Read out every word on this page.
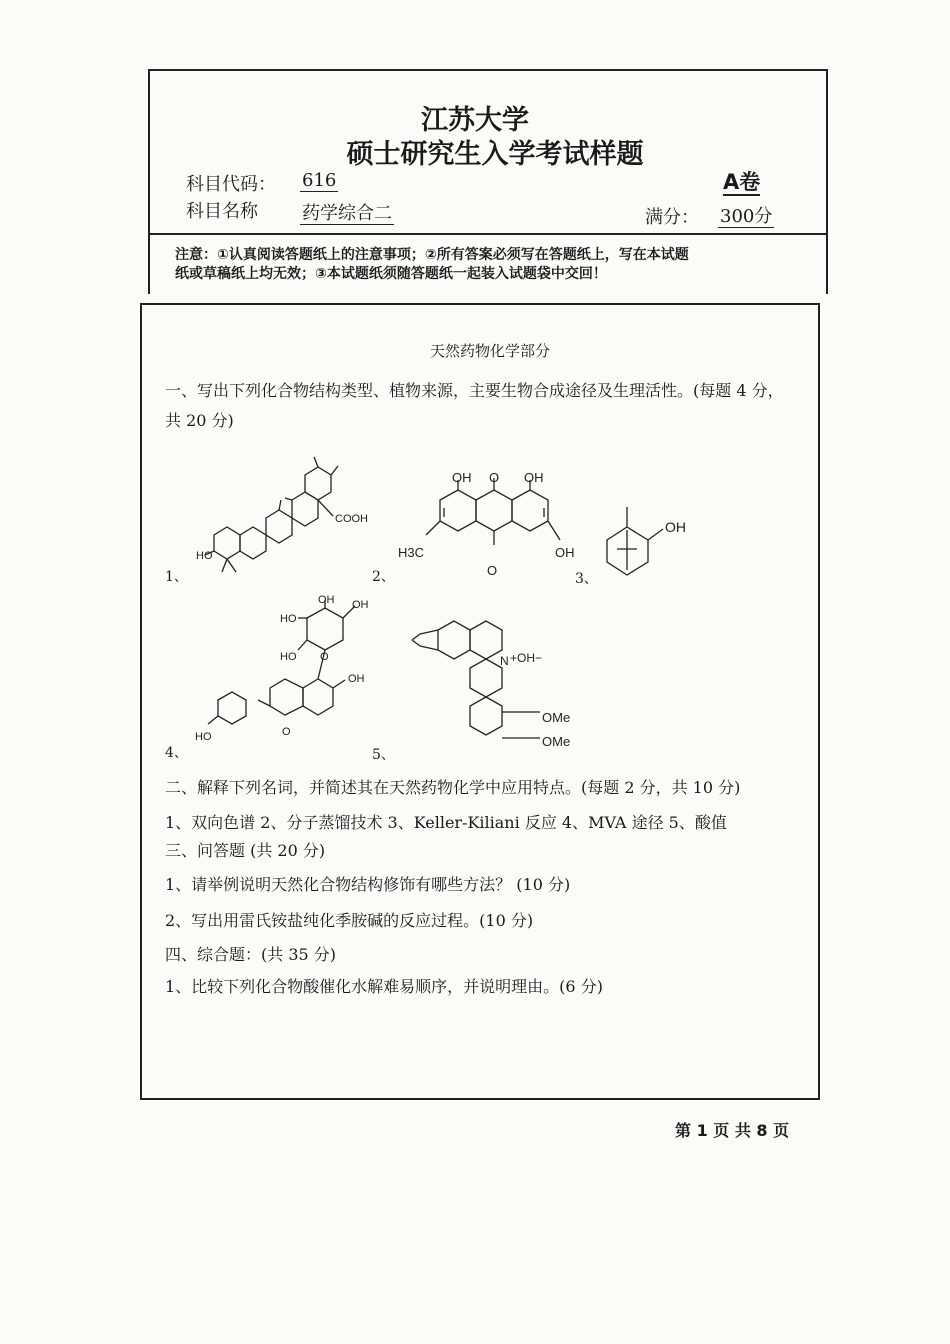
江苏大学
硕士研究生入学考试样题
科目代码： 616	A卷
科目名称 药学综合二	满分： 300分
注意：①认真阅读答题纸上的注意事项；②所有答案必须写在答题纸上，写在本试题
纸或草稿纸上均无效；③本试题纸须随答题纸一起装入试题袋中交回！
天然药物化学部分
一、写出下列化合物结构类型、植物来源，主要生物合成途径及生理活性。(每题 4 分，
共 20 分)
1、	2、	3、
4、	5、
COOH
HO
OH O OH
H3C	OH
O
OH
HO
OH OH
HO O
OH
HO	O
N +OH−
OMe
OMe
二、解释下列名词，并简述其在天然药物化学中应用特点。(每题 2 分，共 10 分)
1、双向色谱 2、分子蒸馏技术 3、Keller-Kiliani 反应 4、MVA 途径 5、酸值
三、问答题 (共 20 分)
1、请举例说明天然化合物结构修饰有哪些方法？ (10 分)
2、写出用雷氏铵盐纯化季胺碱的反应过程。(10 分)
四、综合题：(共 35 分)
1、比较下列化合物酸催化水解难易顺序，并说明理由。(6 分)
第 1 页 共 8 页
